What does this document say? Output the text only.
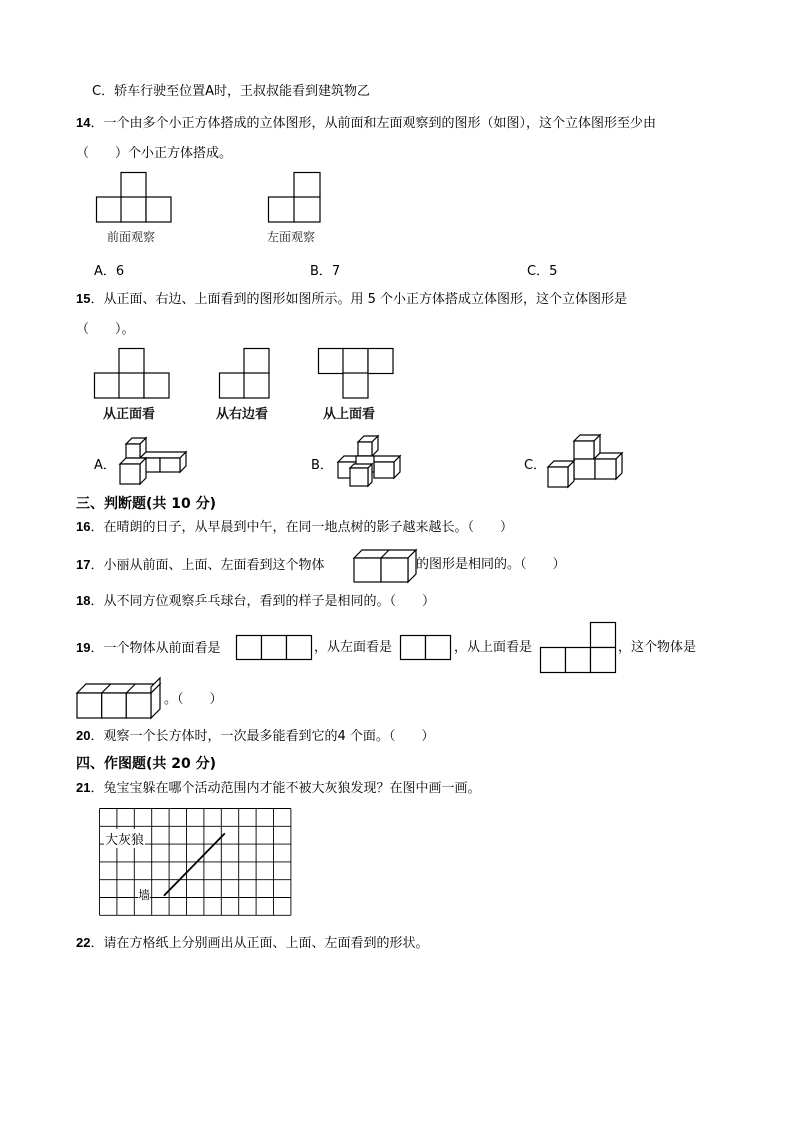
C．轿车行驶至位置A时，王叔叔能看到建筑物乙
14．一个由多个小正方体搭成的立体图形，从前面和左面观察到的图形（如图），这个立体图形至少由
（　　）个小正方体搭成。
前面观察	左面观察
A．6	B．7	C．5
15．从正面、右边、上面看到的图形如图所示。用 5 个小正方体搭成立体图形，这个立体图形是
（　　）。
从正面看	从右边看	从上面看
A．	B．	C．
三、判断题(共 10 分)
16．在晴朗的日子，从早晨到中午，在同一地点树的影子越来越长。（　　）
17．小丽从前面、上面、左面看到这个物体	的图形是相同的。（　　）
18．从不同方位观察乒乓球台，看到的样子是相同的。（　　）
19．一个物体从前面看是	，从左面看是	，从上面看是	，这个物体是
。（　　）
20．观察一个长方体时，一次最多能看到它的4 个面。（　　）
四、作图题(共 20 分)
21．兔宝宝躲在哪个活动范围内才能不被大灰狼发现？在图中画一画。
大灰狼
墙
22．请在方格纸上分别画出从正面、上面、左面看到的形状。
